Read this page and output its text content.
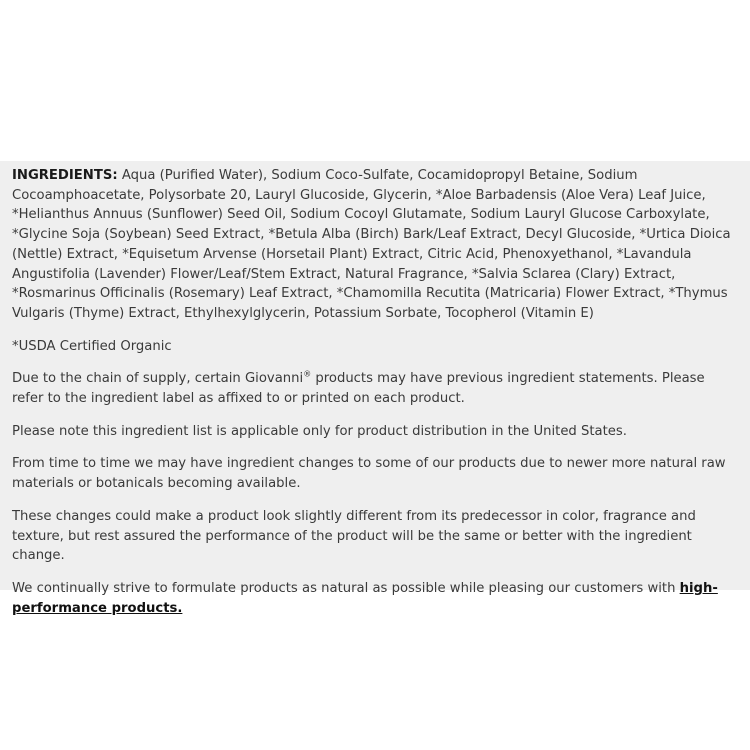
INGREDIENTS: Aqua (Purified Water), Sodium Coco-Sulfate, Cocamidopropyl Betaine, Sodium Cocoamphoacetate, Polysorbate 20, Lauryl Glucoside, Glycerin, *Aloe Barbadensis (Aloe Vera) Leaf Juice, *Helianthus Annuus (Sunflower) Seed Oil, Sodium Cocoyl Glutamate, Sodium Lauryl Glucose Carboxylate, *Glycine Soja (Soybean) Seed Extract, *Betula Alba (Birch) Bark/Leaf Extract, Decyl Glucoside, *Urtica Dioica (Nettle) Extract, *Equisetum Arvense (Horsetail Plant) Extract, Citric Acid, Phenoxyethanol, *Lavandula Angustifolia (Lavender) Flower/Leaf/Stem Extract, Natural Fragrance, *Salvia Sclarea (Clary) Extract, *Rosmarinus Officinalis (Rosemary) Leaf Extract, *Chamomilla Recutita (Matricaria) Flower Extract, *Thymus Vulgaris (Thyme) Extract, Ethylhexylglycerin, Potassium Sorbate, Tocopherol (Vitamin E)

*USDA Certified Organic

Due to the chain of supply, certain Giovanni® products may have previous ingredient statements. Please refer to the ingredient label as affixed to or printed on each product.

Please note this ingredient list is applicable only for product distribution in the United States.

From time to time we may have ingredient changes to some of our products due to newer more natural raw materials or botanicals becoming available.

These changes could make a product look slightly different from its predecessor in color, fragrance and texture, but rest assured the performance of the product will be the same or better with the ingredient change.

We continually strive to formulate products as natural as possible while pleasing our customers with high-performance products.
